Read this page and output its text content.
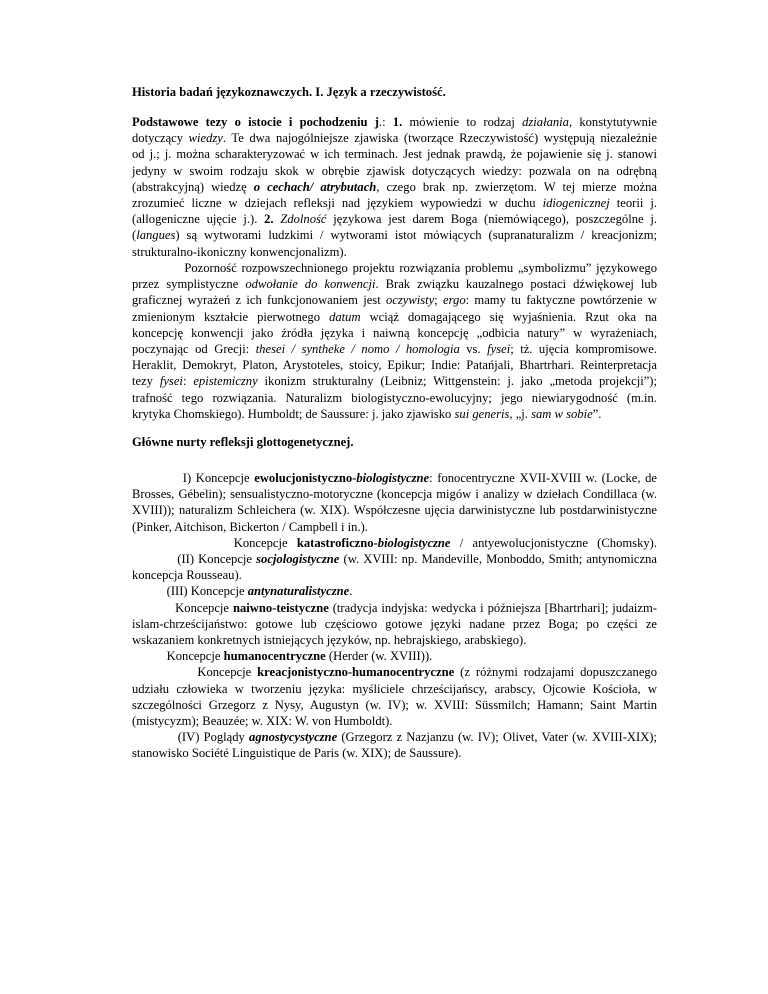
Historia badań językoznawczych. I. Język a rzeczywistość.
Podstawowe tezy o istocie i pochodzeniu j.: 1. mówienie to rodzaj działania, konstytutywnie
dotyczący wiedzy. Te dwa najogólniejsze zjawiska (tworzące Rzeczywistość) występują niezależnie
od j.; j. można scharakteryzować w ich terminach. Jest jednak prawdą, że pojawienie się j. stanowi
jedyny w swoim rodzaju skok w obrębie zjawisk dotyczących wiedzy: pozwala on na odrębną
(abstrakcyjną) wiedzę o cechach/ atrybutach, czego brak np. zwierzętom. W tej mierze można
zrozumieć liczne w dziejach refleksji nad językiem wypowiedzi w duchu idiogenicznej teorii j.
(allogeniczne ujęcie j.). 2. Zdolność językowa jest darem Boga (niemówiącego), poszczególne j.
(langues) są wytworami ludzkimi / wytworami istot mówiących (supranaturalizm / kreacjonizm;
strukturalno-ikoniczny konwencjonalizm).
Pozorność rozpowszechnionego projektu rozwiązania problemu „symbolizmu” językowego
przez symplistyczne odwołanie do konwencji. Brak związku kauzalnego postaci dźwiękowej lub
graficznej wyrażeń z ich funkcjonowaniem jest oczywisty; ergo: mamy tu faktyczne powtórzenie w
zmienionym kształcie pierwotnego datum wciąż domagającego się wyjaśnienia. Rzut oka na
koncepcję konwencji jako źródła języka i naiwną koncepcję „odbicia natury” w wyrażeniach,
poczynając od Grecji: thesei / syntheke / nomo / homologia vs. fysei; tż. ujęcia kompromisowe.
Heraklit, Demokryt, Platon, Arystoteles, stoicy, Epikur; Indie: Patańjali, Bhartrhari. Reinterpretacja
tezy fysei: epistemiczny ikonizm strukturalny (Leibniz; Wittgenstein: j. jako „metoda projekcji”);
trafność tego rozwiązania. Naturalizm biologistyczno-ewolucyjny; jego niewiarygodność (m.in.
krytyka Chomskiego). Humboldt; de Saussure: j. jako zjawisko sui generis, „j. sam w sobie”.
Główne nurty refleksji glottogenetycznej.
I) Koncepcje ewolucjonistyczno-biologistyczne: fonocentryczne XVII-XVIII w. (Locke, de
Brosses, Gébelin); sensualistyczno-motoryczne (koncepcja migów i analizy w dziełach Condillaca (w.
XVIII)); naturalizm Schleichera (w. XIX). Współczesne ujęcia darwinistyczne lub postdarwinistyczne
(Pinker, Aitchison, Bickerton / Campbell i in.).
Koncepcje katastroficzno-biologistyczne / antyewolucjonistyczne (Chomsky).
(II) Koncepcje socjologistyczne (w. XVIII: np. Mandeville, Monboddo, Smith; antynomiczna
koncepcja Rousseau).
(III) Koncepcje antynaturalistyczne.
Koncepcje naiwno-teistyczne (tradycja indyjska: wedycka i późniejsza [Bhartrhari]; judaizm-
islam-chrześcijaństwo: gotowe lub częściowo gotowe języki nadane przez Boga; po części ze
wskazaniem konkretnych istniejących języków, np. hebrajskiego, arabskiego).
Koncepcje humanocentryczne (Herder (w. XVIII)).
Koncepcje kreacjonistyczno-humanocentryczne (z różnymi rodzajami dopuszczanego
udziału człowieka w tworzeniu języka: myśliciele chrześcijańscy, arabscy, Ojcowie Kościoła, w
szczególności Grzegorz z Nysy, Augustyn (w. IV); w. XVIII: Süssmilch; Hamann; Saint Martin
(mistycyzm); Beauzée; w. XIX: W. von Humboldt).
(IV) Poglądy agnostycystyczne (Grzegorz z Nazjanzu (w. IV); Olivet, Vater (w. XVIII-XIX);
stanowisko Société Linguistique de Paris (w. XIX); de Saussure).
